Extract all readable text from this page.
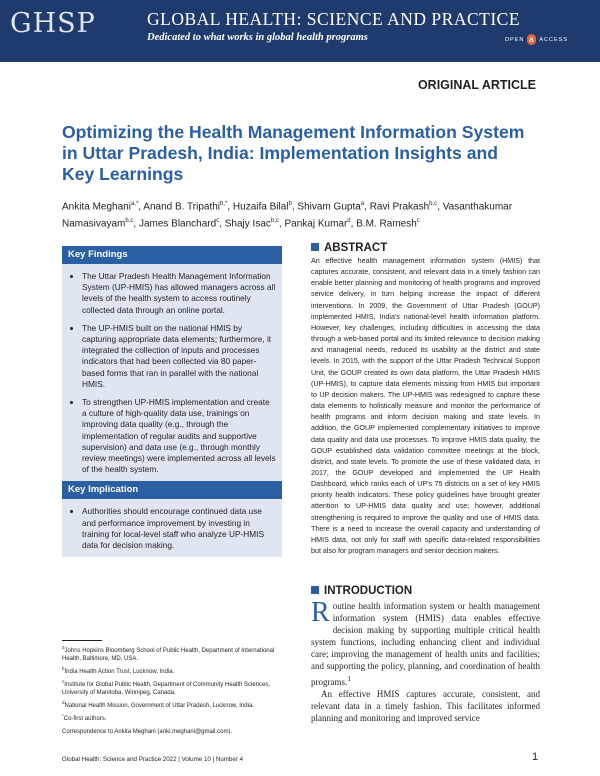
GHSP	GLOBAL HEALTH: SCIENCE AND PRACTICE
Dedicated to what works in global health programs	OPEN a ACCESS
ORIGINAL ARTICLE
Optimizing the Health Management Information System in Uttar Pradesh, India: Implementation Insights and Key Learnings

Ankita Meghani$^{a,*}$, Anand B. Tripathi$^{b,*}$, Huzaifa Bilal$^b$, Shivam Gupta$^a$, Ravi Prakash$^{b,c}$, Vasanthakumar Namasivayam$^{b,c}$, James Blanchard$^c$, Shajy Isac$^{b,c}$, Pankaj Kumar$^d$, B.M. Ramesh$^c$

Key Findings
• The Uttar Pradesh Health Management Information System (UP-HMIS) has allowed managers across all levels of the health system to access routinely collected data through an online portal.
• The UP-HMIS built on the national HMIS by capturing appropriate data elements; furthermore, it integrated the collection of inputs and processes indicators that had been collected via 80 paper-based forms that ran in parallel with the national HMIS.
• To strengthen UP-HMIS implementation and create a culture of high-quality data use, trainings on improving data quality (e.g., through the implementation of regular audits and supportive supervision) and data use (e.g., through monthly review meetings) were implemented across all levels of the health system.
Key Implication
• Authorities should encourage continued data use and performance improvement by investing in training for local-level staff who analyze UP-HMIS data for decision making.
ABSTRACT

An effective health management information system (HMIS) that captures accurate, consistent, and relevant data in a timely fashion can enable better planning and monitoring of health programs and improved service delivery, in turn helping increase the impact of different interventions. In 2009, the Government of Uttar Pradesh (GOUP) implemented HMIS, India's national-level health information platform. However, key challenges, including difficulties in accessing the data through a web-based portal and its limited relevance to decision making and managerial needs, reduced its usability at the district and state levels. In 2015, with the support of the Uttar Pradesh Technical Support Unit, the GOUP created its own data platform, the Uttar Pradesh HMIS (UP-HMIS), to capture data elements missing from HMIS but important to UP decision makers. The UP-HMIS was redesigned to capture these data elements to holistically measure and monitor the performance of health programs and inform decision making and state levels. In addition, the GOUP implemented complementary initiatives to improve data quality and data use processes. To improve HMIS data quality, the GOUP established data validation committee meetings at the block, district, and state levels. To promote the use of these validated data, in 2017, the GOUP developed and implemented the UP Health Dashboard, which ranks each of UP's 75 districts on a set of key HMIS priority health indicators. These policy guidelines have brought greater attention to UP-HMIS data quality and use; however, additional strengthening is required to improve the quality and use of HMIS data. There is a need to increase the overall capacity and understanding of HMIS data, not only for staff with specific data-related responsibilities but also for program managers and senior decision makers.

INTRODUCTION

Routine health information system or health management information system (HMIS) data enables effective decision making by supporting multiple critical health system functions, including enhancing client and individual care; improving the management of health units and facilities; and supporting the policy, planning, and coordination of health programs.$^1$

An effective HMIS captures accurate, consistent, and relevant data in a timely fashion. This facilitates informed planning and monitoring and improved service

$^a$Johns Hopkins Bloomberg School of Public Health, Department of International Health, Baltimore, MD, USA.

$^b$India Health Action Trust, Lucknow, India.

$^c$Institute for Global Public Health, Department of Community Health Sciences, University of Manitoba, Winnipeg, Canada.

$^d$National Health Mission, Government of Uttar Pradesh, Lucknow, India.

*Co-first authors.

Correspondence to Ankita Meghani (anki.meghani@gmail.com).

Global Health: Science and Practice 2022 | Volume 10 | Number 4	1
